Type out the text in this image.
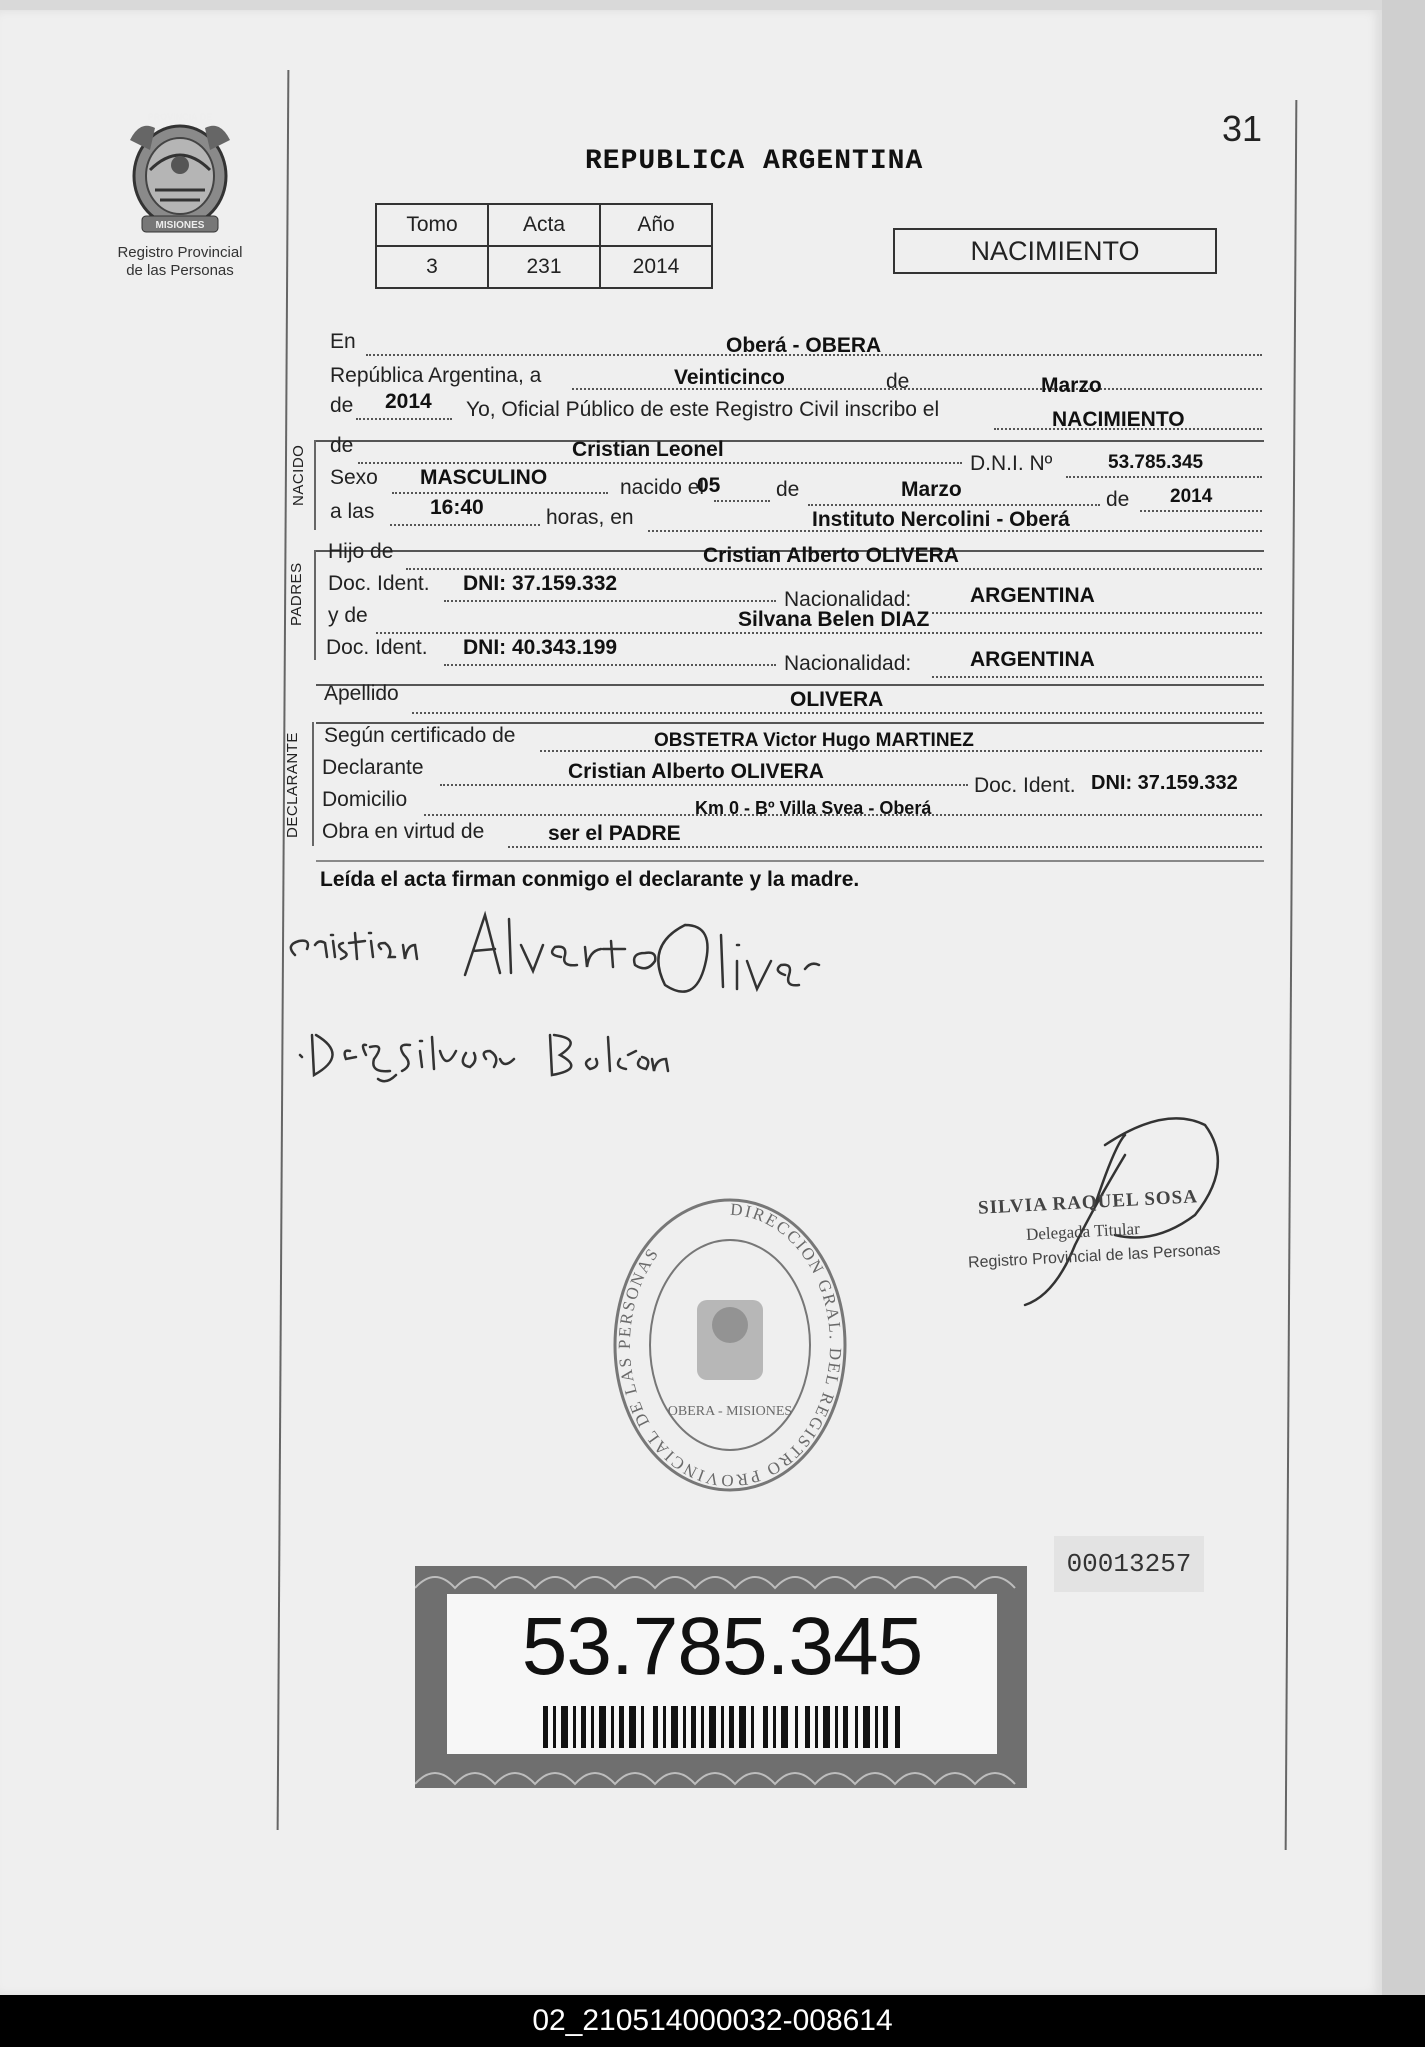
PROVINCIA DE
MISIONES
Registro Provincial
de las Personas
31
REPUBLICA ARGENTINA
Tomo	Acta	Año
3	231	2014
NACIMIENTO
En	Oberá - OBERA
República Argentina, a	Veinticinco	de	Marzo
de 2014 Yo, Oficial Público de este Registro Civil inscribo el	NACIMIENTO
NACIDO de	Cristian Leonel
D.N.I. Nº	53.785.345
Sexo MASCULINO	nacido el
05	de	Marzo	de 2014
a las	16:40	horas, en	Instituto Nercolini - Oberá
PADRES
Hijo de	Cristian Alberto OLIVERA
Doc. Ident. DNI: 37.159.332
Nacionalidad:	ARGENTINA
y de	Silvana Belen DIAZ
Doc. Ident. DNI: 40.343.199
Nacionalidad:	ARGENTINA
Apellido	OLIVERA
DECLARANTE Según certificado de	OBSTETRA Victor Hugo MARTINEZ
Declarante	Cristian Alberto OLIVERA
Doc. Ident. DNI: 37.159.332
Domicilio	Km 0 - Bº Villa Svea - Oberá
Obra en virtud de	ser el PADRE
Leída el acta firman conmigo el declarante y la madre.
SILVIA RAQUEL SOSA
Delegada Titular
Registro Provincial de las Personas
DIRECCION GRAL. DEL REGISTRO PROVINCIAL DE LAS PERSONAS
OBERA - MISIONES
00013257
53.785.345
02_210514000032-008614
